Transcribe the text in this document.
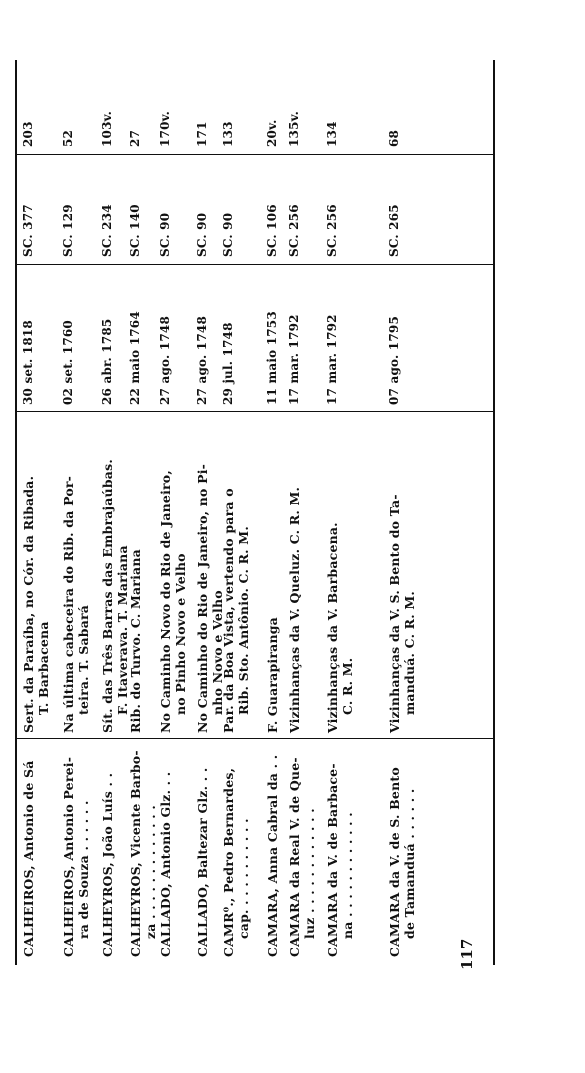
CALHEIROS, Antonio de Sá
Sert. da Paraíba, no Cór. da Ribada. T. Barbacena
30 set. 1818
SC. 377
203
CALHEIROS, Antonio Perei- ra de Souza . . . . . .
Na última cabeceira do Rib. da Por- teira. T. Sabará
02 set. 1760
SC. 129
52
CALHEYROS, João Luís . .
Sít. das Três Barras das Embrajaúbas. F. Itaverava. T. Mariana
26 abr. 1785
SC. 234
103v.
CALHEYROS, Vicente Barbo- za . . . . . . . . . . . . .
Rib. do Turvo. C. Mariana
22 maio 1764
SC. 140
27
CALLADO, Antonio Glz. . .
No Caminho Novo do Rio de Janeiro, no Pinho Novo e Velho
27 ago. 1748
SC. 90
170v.
CALLADO, Baltezar Glz. . .
No Caminho do Rio de Janeiro, no Pi- nho Novo e Velho
27 ago. 1748
SC. 90
171
CAMR⁰., Pedro Bernardes, cap. . . . . . . . . . .
Par. da Boa Vista, vertendo para o Rib. Sto. Antônio. C. R. M.
29 jul. 1748
SC. 90
133
CAMARA, Anna Cabral da . .
F. Guarapiranga
11 maio 1753
SC. 106
20v.
CAMARA da Real V. de Que- luz . . . . . . . . . . . .
Vizinhanças da V. Queluz. C. R. M.
17 mar. 1792
SC. 256
135v.
CAMARA da V. de Barbace- na . . . . . . . . . . . .
Vizinhanças da V. Barbacena. C. R. M.
17 mar. 1792
SC. 256
134
CAMARA da V. de S. Bento de Tamanduá . . . . . .
Vizinhanças da V. S. Bento do Ta- manduá. C. R. M.
07 ago. 1795
SC. 265
68
117
